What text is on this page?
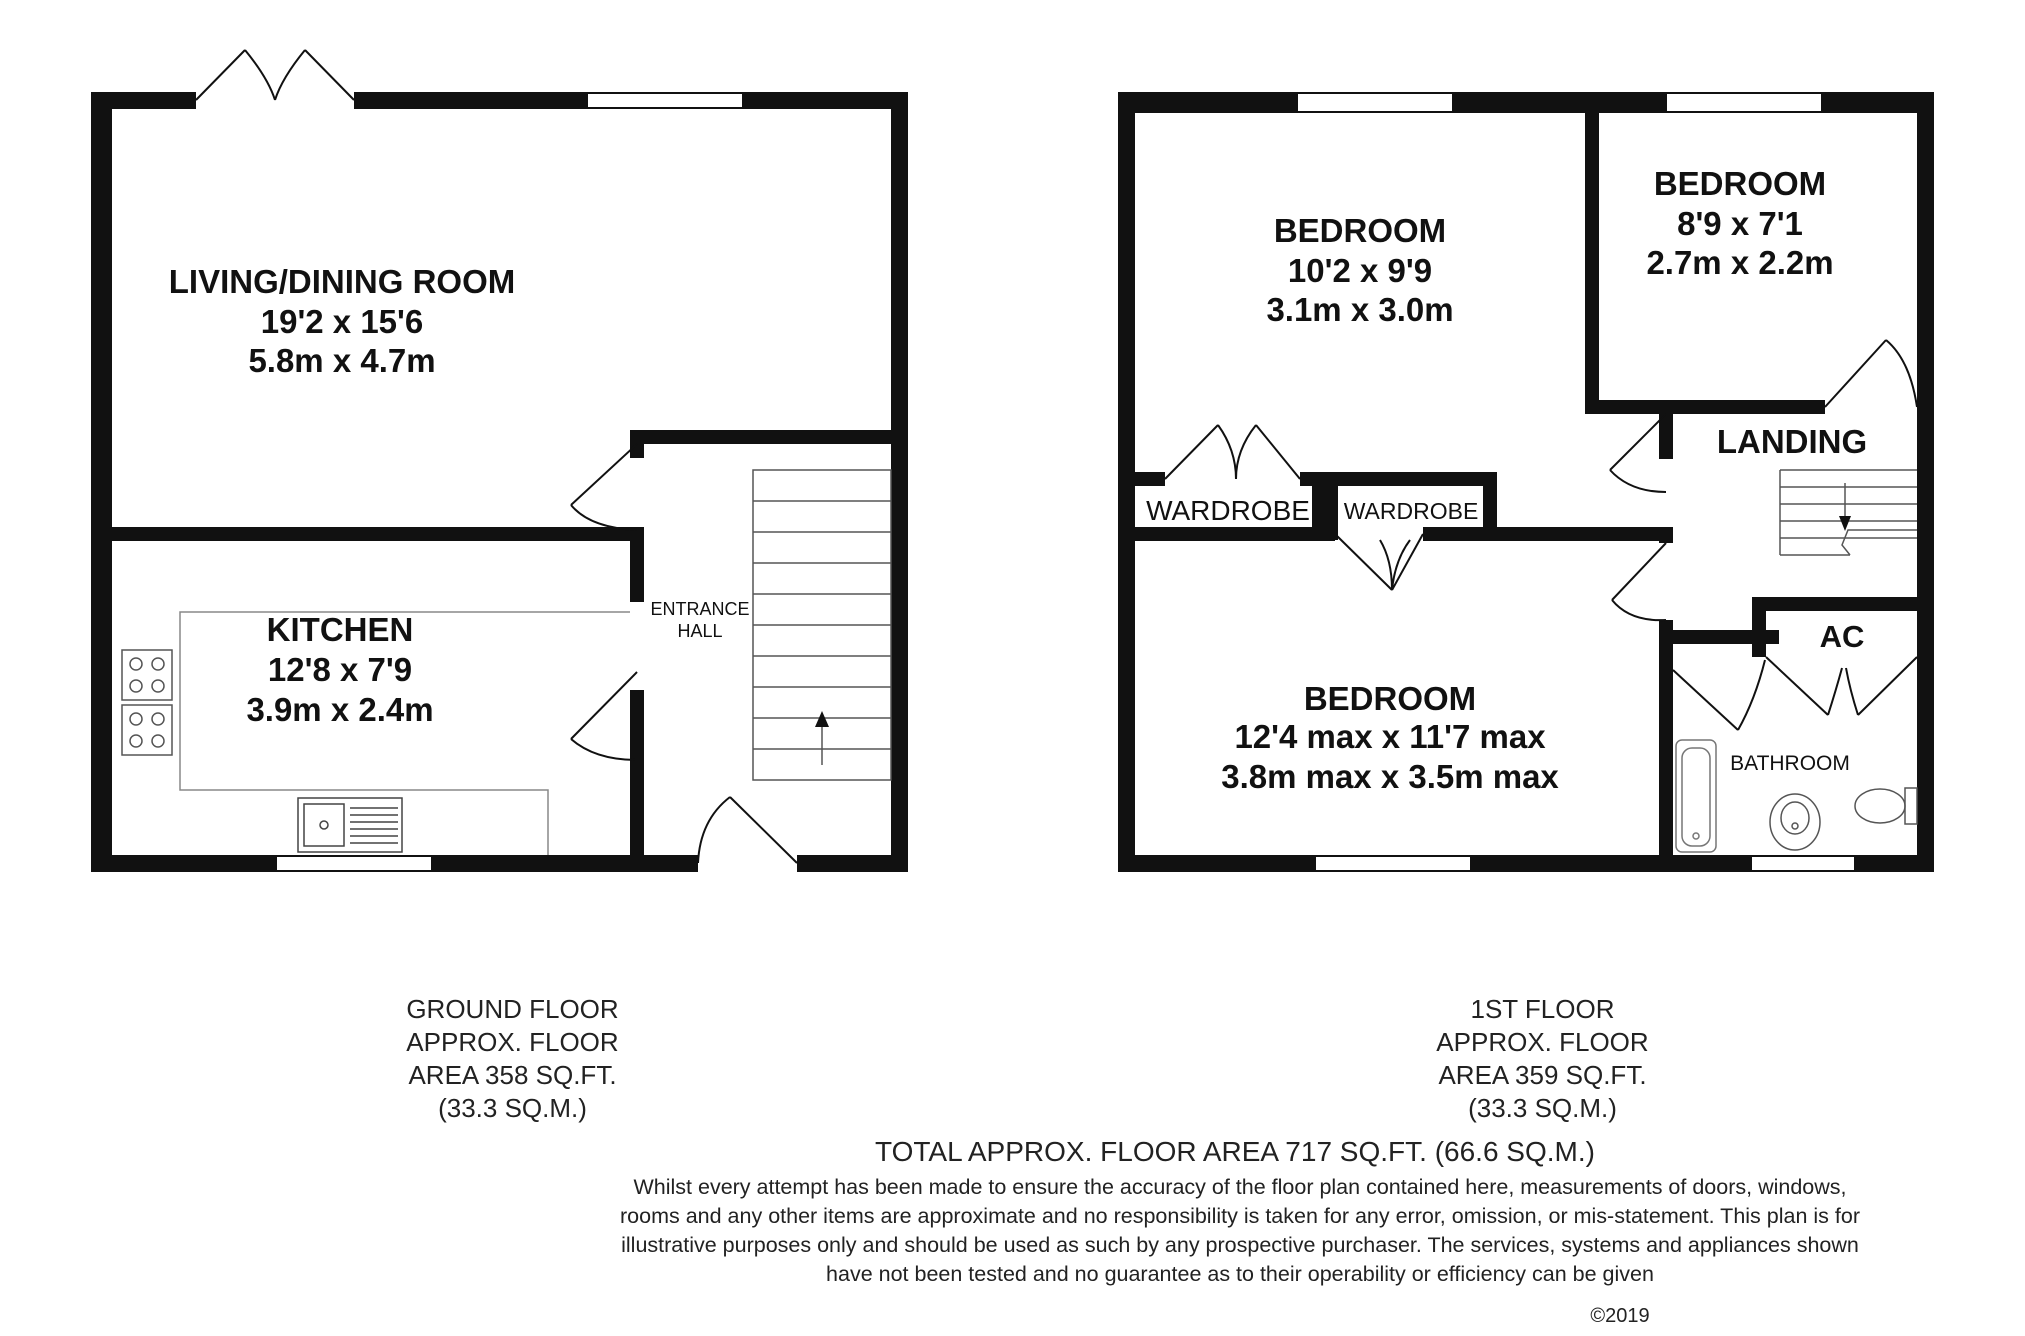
LIVING/DINING ROOM
19'2 x 15'6
5.8m x 4.7m
KITCHEN
12'8 x 7'9
3.9m x 2.4m
ENTRANCE
HALL
BEDROOM
10'2 x 9'9
3.1m x 3.0m
BEDROOM
8'9 x 7'1
2.7m x 2.2m
BEDROOM
12'4 max x 11'7 max
3.8m max x 3.5m max
LANDING
WARDROBE WARDROBE
AC
BATHROOM
GROUND FLOOR
APPROX. FLOOR
AREA 358 SQ.FT.
(33.3 SQ.M.)
1ST FLOOR
APPROX. FLOOR
AREA 359 SQ.FT.
(33.3 SQ.M.)
TOTAL APPROX. FLOOR AREA 717 SQ.FT. (66.6 SQ.M.)
Whilst every attempt has been made to ensure the accuracy of the floor plan contained here, measurements of doors, windows, rooms and any other items are approximate and no responsibility is taken for any error, omission, or mis-statement. This plan is for illustrative purposes only and should be used as such by any prospective purchaser. The services, systems and appliances shown have not been tested and no guarantee as to their operability or efficiency can be given
©2019
